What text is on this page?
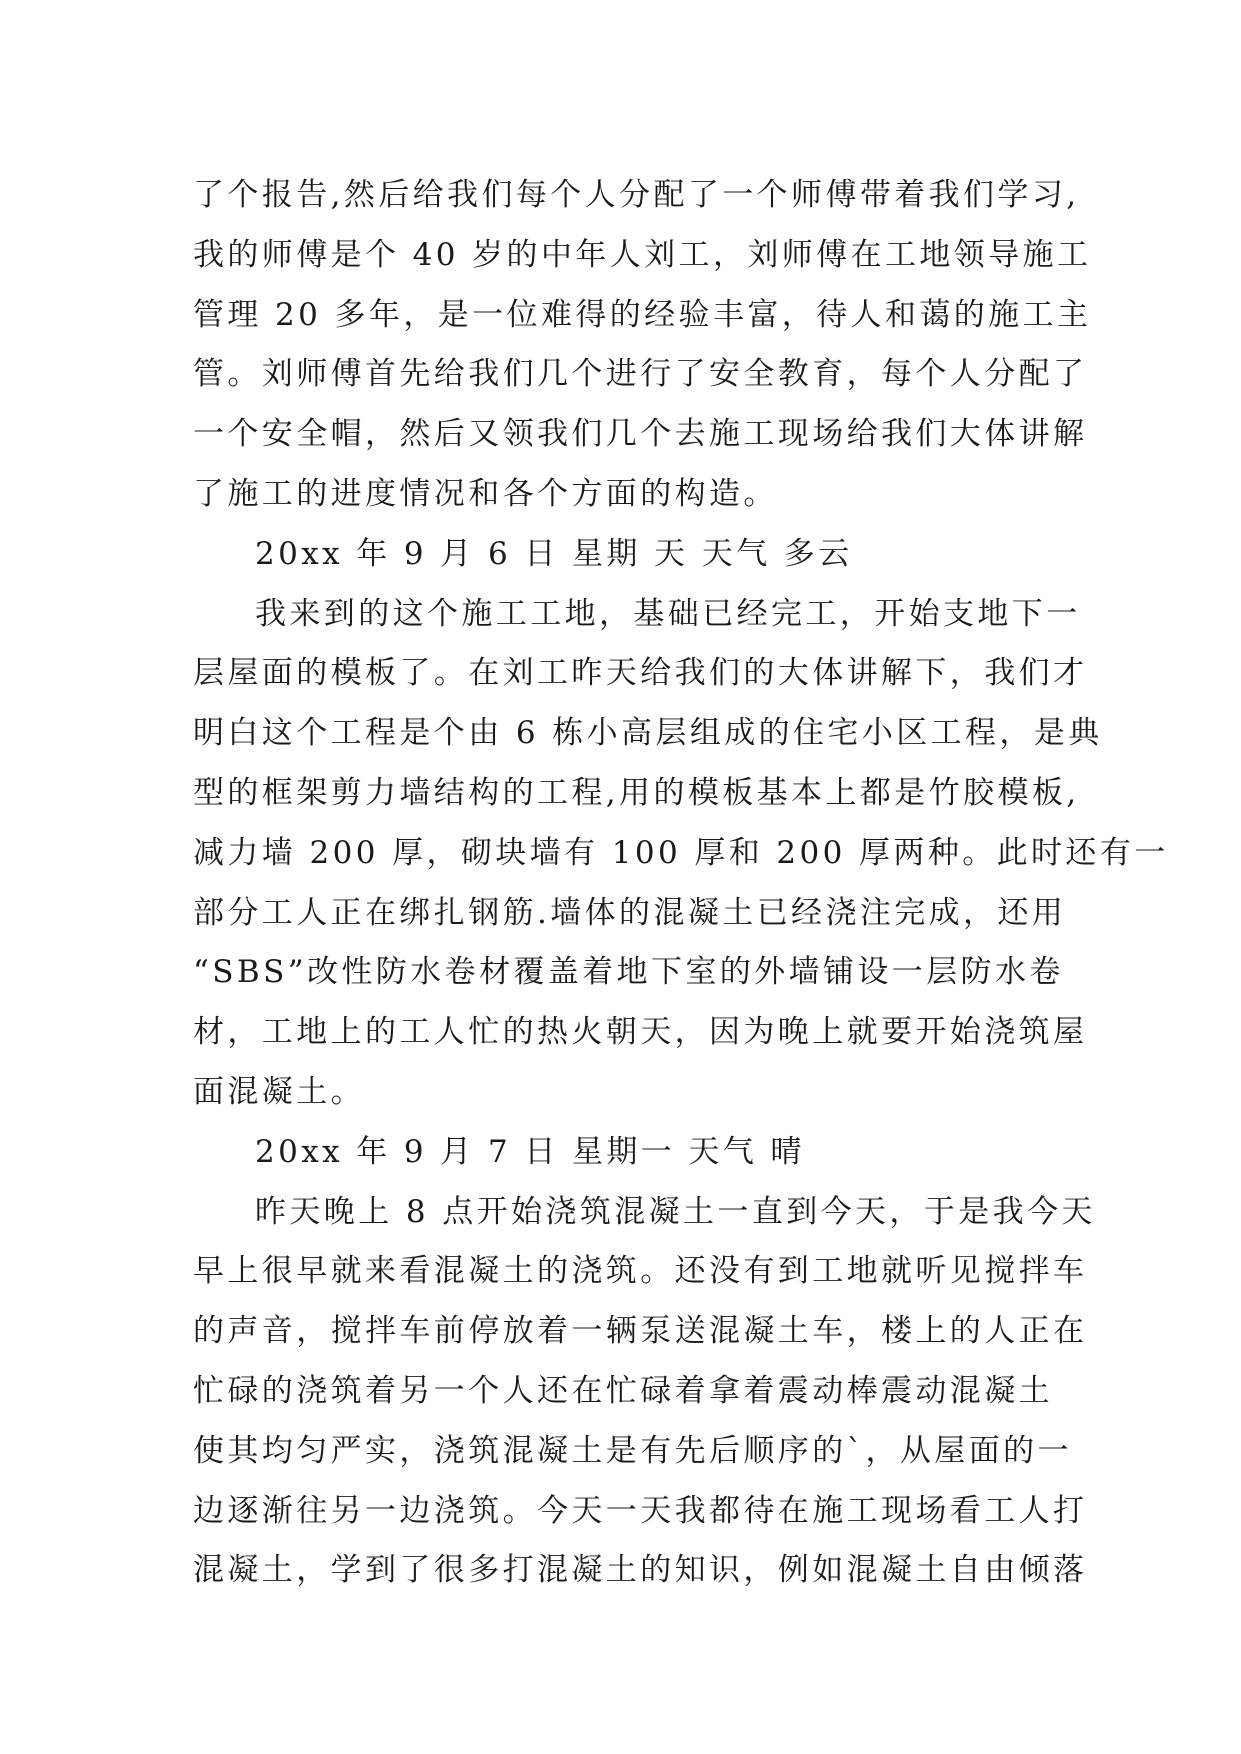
了个报告,然后给我们每个人分配了一个师傅带着我们学习,
我的师傅是个 40 岁的中年人刘工，刘师傅在工地领导施工
管理 20 多年，是一位难得的经验丰富，待人和蔼的施工主
管。刘师傅首先给我们几个进行了安全教育，每个人分配了
一个安全帽，然后又领我们几个去施工现场给我们大体讲解
了施工的进度情况和各个方面的构造。
20xx 年 9 月 6 日 星期 天 天气 多云
我来到的这个施工工地，基础已经完工，开始支地下一
层屋面的模板了。在刘工昨天给我们的大体讲解下，我们才
明白这个工程是个由 6 栋小高层组成的住宅小区工程，是典
型的框架剪力墙结构的工程,用的模板基本上都是竹胶模板,
减力墙 200 厚，砌块墙有 100 厚和 200 厚两种。此时还有一
部分工人正在绑扎钢筋.墙体的混凝土已经浇注完成，还用
“SBS”改性防水卷材覆盖着地下室的外墙铺设一层防水卷
材，工地上的工人忙的热火朝天，因为晚上就要开始浇筑屋
面混凝土。
20xx 年 9 月 7 日 星期一 天气 晴
昨天晚上 8 点开始浇筑混凝土一直到今天，于是我今天
早上很早就来看混凝土的浇筑。还没有到工地就听见搅拌车
的声音，搅拌车前停放着一辆泵送混凝土车，楼上的人正在
忙碌的浇筑着另一个人还在忙碌着拿着震动棒震动混凝土
使其均匀严实，浇筑混凝土是有先后顺序的`，从屋面的一
边逐渐往另一边浇筑。今天一天我都待在施工现场看工人打
混凝土，学到了很多打混凝土的知识，例如混凝土自由倾落
